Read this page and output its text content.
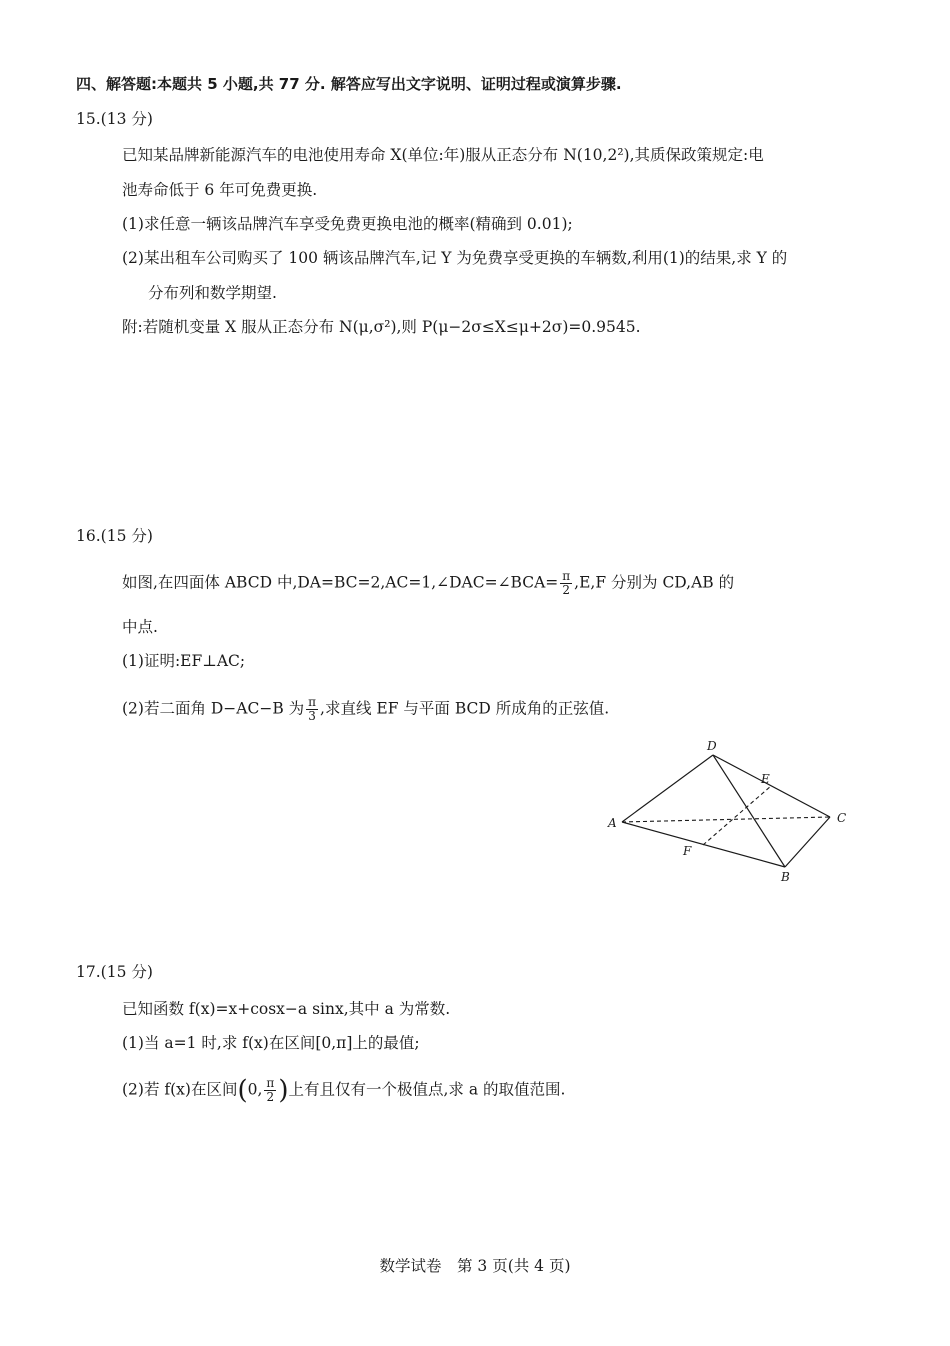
四、解答题:本题共 5 小题,共 77 分. 解答应写出文字说明、证明过程或演算步骤.
15.(13 分)
已知某品牌新能源汽车的电池使用寿命 X(单位:年)服从正态分布 N(10,2²),其质保政策规定:电
池寿命低于 6 年可免费更换.
(1)求任意一辆该品牌汽车享受免费更换电池的概率(精确到 0.01);
(2)某出租车公司购买了 100 辆该品牌汽车,记 Y 为免费享受更换的车辆数,利用(1)的结果,求 Y 的
分布列和数学期望.
附:若随机变量 X 服从正态分布 N(μ,σ²),则 P(μ−2σ≤X≤μ+2σ)=0.9545.
16.(15 分)
如图,在四面体 ABCD 中,DA=BC=2,AC=1,∠DAC=∠BCA= $\frac{\pi}{2} ,E,F$ 分别为 CD,AB 的
中点.
(1)证明:EF⊥AC;
(2)若二面角 D−AC−B 为 $\frac{\pi}{3}$ ,求直线 EF 与平面 BCD 所成角的正弦值.
D
A	C
B
E
F
17.(15 分)
已知函数 f(x)=x+cosx−a sinx,其中 a 为常数.
(1)当 a=1 时,求 f(x)在区间[0,π]上的最值;
(2)若 f(x)在区间(0, $\frac{\pi}{2}$ )上有且仅有一个极值点,求 a 的取值范围.
数学试卷　第 3 页(共 4 页)
